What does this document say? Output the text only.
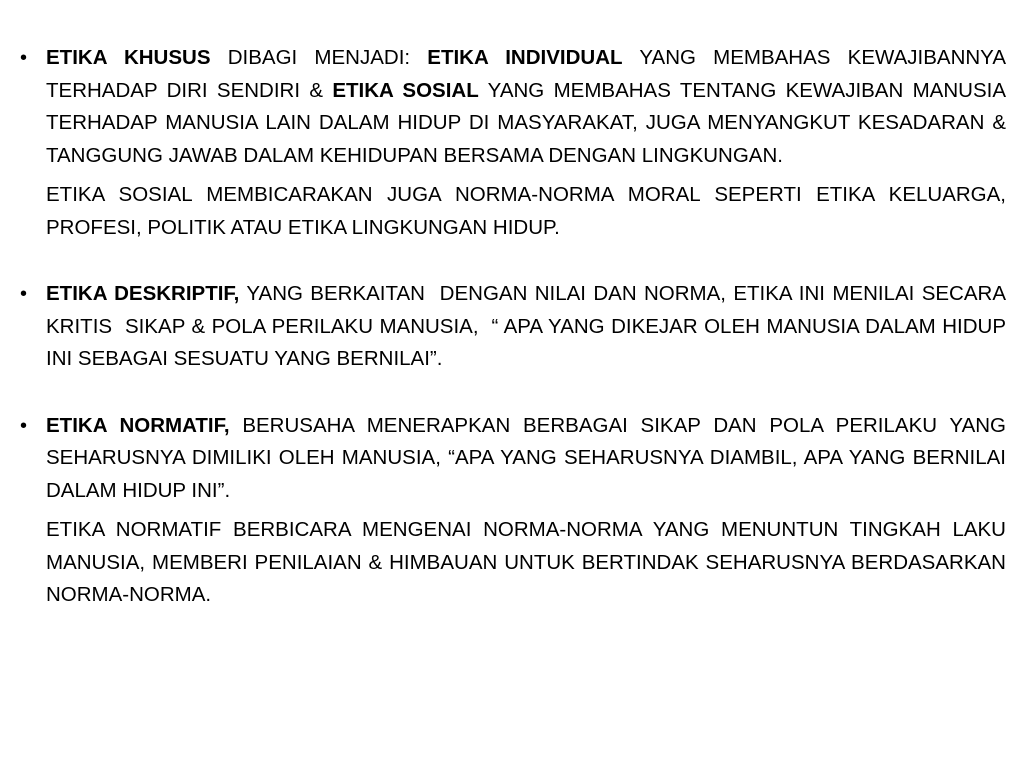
• ETIKA KHUSUS DIBAGI MENJADI: ETIKA INDIVIDUAL YANG MEMBAHAS KEWAJIBANNYA TERHADAP DIRI SENDIRI & ETIKA SOSIAL YANG MEMBAHAS TENTANG KEWAJIBAN MANUSIA TERHADAP MANUSIA LAIN DALAM HIDUP DI MASYARAKAT, JUGA MENYANGKUT KESADARAN & TANGGUNG JAWAB DALAM KEHIDUPAN BERSAMA DENGAN LINGKUNGAN.

ETIKA SOSIAL MEMBICARAKAN JUGA NORMA-NORMA MORAL SEPERTI ETIKA KELUARGA, PROFESI, POLITIK ATAU ETIKA LINGKUNGAN HIDUP.

• ETIKA DESKRIPTIF, YANG BERKAITAN  DENGAN NILAI DAN NORMA, ETIKA INI MENILAI SECARA KRITIS  SIKAP & POLA PERILAKU MANUSIA,  “ APA YANG DIKEJAR OLEH MANUSIA DALAM HIDUP INI SEBAGAI SESUATU YANG BERNILAI”.

• ETIKA NORMATIF, BERUSAHA MENERAPKAN BERBAGAI SIKAP DAN POLA PERILAKU YANG SEHARUSNYA DIMILIKI OLEH MANUSIA, “APA YANG SEHARUSNYA DIAMBIL, APA YANG BERNILAI DALAM HIDUP INI”.

ETIKA NORMATIF BERBICARA MENGENAI NORMA-NORMA YANG MENUNTUN TINGKAH LAKU MANUSIA, MEMBERI PENILAIAN & HIMBAUAN UNTUK BERTINDAK SEHARUSNYA BERDASARKAN NORMA-NORMA.
